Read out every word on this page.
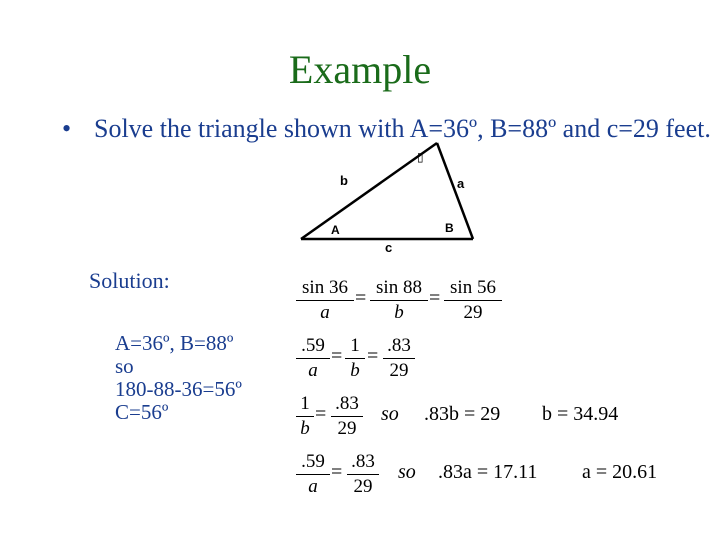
Example
• Solve the triangle shown with A=36º, B=88º and c=29 feet.
▯
b	a
A	B
c
Solution:
A=36º, B=88º
so
180-88-36=56º
C=56º
$\frac{\sin 36}{a} = \frac{\sin 88}{b} = \frac{\sin 56}{29}$
$\frac{.59}{a} = \frac{1}{b} = \frac{.83}{29}$
$\frac{1}{b} = \frac{.83}{29}$ so .83b = 29 b = 34.94
$\frac{.59}{a} = \frac{.83}{29}$ so .83a = 17.11 a = 20.61
